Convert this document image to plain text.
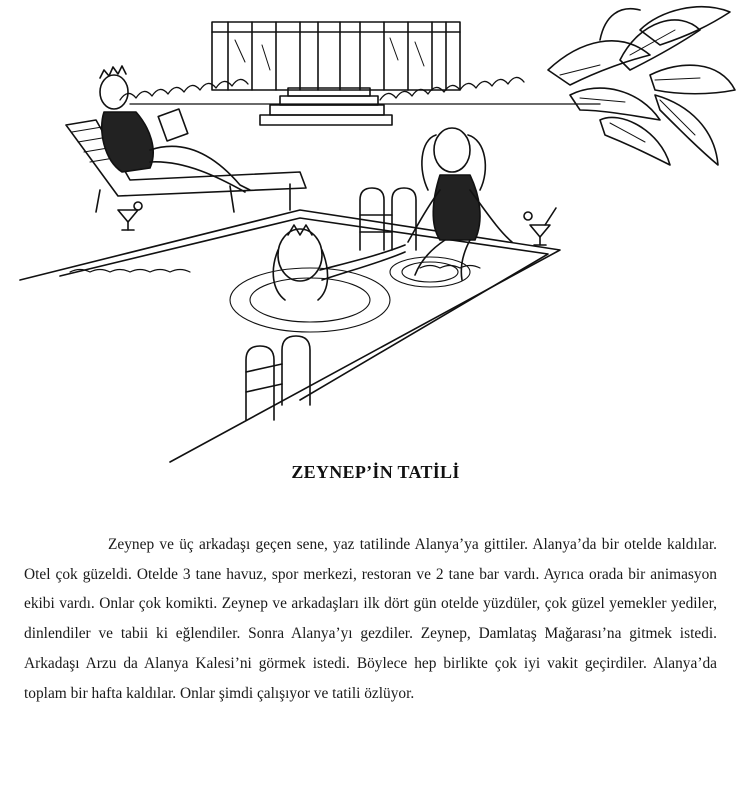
ZEYNEP’İN TATİLİ

Zeynep ve üç arkadaşı geçen sene, yaz tatilinde Alanya’ya gittiler. Alanya’da bir otelde kaldılar. Otel çok güzeldi. Otelde 3 tane havuz, spor merkezi, restoran ve 2 tane bar vardı. Ayrıca orada bir animasyon ekibi vardı. Onlar çok komikti. Zeynep ve arkadaşları ilk dört gün otelde yüzdüler, çok güzel yemekler yediler, dinlendiler ve tabii ki eğlendiler. Sonra Alanya’yı gezdiler. Zeynep, Damlataş Mağarası’na gitmek istedi. Arkadaşı Arzu da Alanya Kalesi’ni görmek istedi. Böylece hep birlikte çok iyi vakit geçirdiler. Alanya’da toplam bir hafta kaldılar. Onlar şimdi çalışıyor ve tatili özlüyor.
